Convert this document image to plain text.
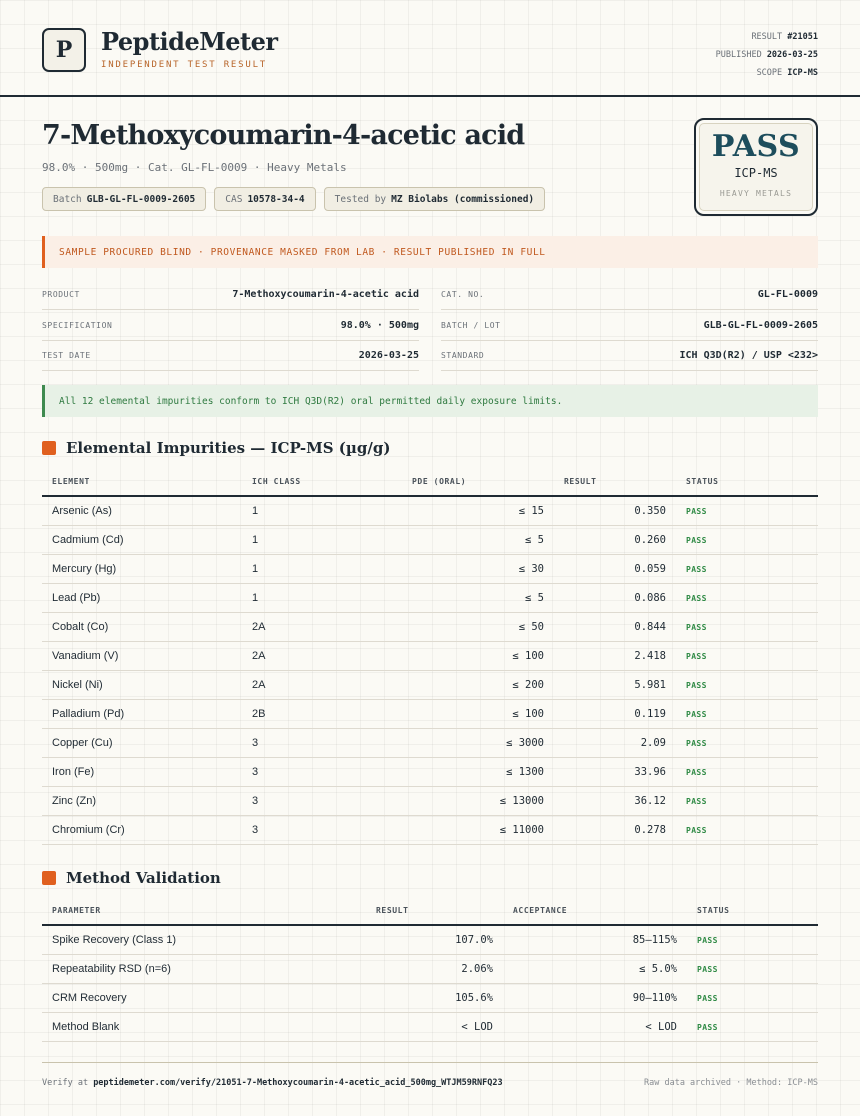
P	PeptideMeter
INDEPENDENT TEST RESULT
RESULT #21051
PUBLISHED 2026-03-25
SCOPE ICP-MS
7-Methoxycoumarin-4-acetic acid
98.0% · 500mg · Cat. GL-FL-0009 · Heavy Metals
Batch GLB-GL-FL-0009-2605	CAS 10578-34-4	Tested by MZ Biolabs (commissioned)
PASS
ICP-MS
HEAVY METALS
SAMPLE PROCURED BLIND · PROVENANCE MASKED FROM LAB · RESULT PUBLISHED IN FULL
PRODUCT	7-Methoxycoumarin-4-acetic acid	CAT. NO.	GL-FL-0009
SPECIFICATION	98.0% · 500mg	BATCH / LOT	GLB-GL-FL-0009-2605
TEST DATE	2026-03-25	STANDARD	ICH Q3D(R2) / USP <232>
All 12 elemental impurities conform to ICH Q3D(R2) oral permitted daily exposure limits.
Elemental Impurities — ICP-MS (µg/g)
ELEMENT	ICH CLASS	PDE (ORAL)	RESULT	STATUS
Arsenic (As)	1	≤ 15	0.350	PASS
Cadmium (Cd)	1	≤ 5	0.260	PASS
Mercury (Hg)	1	≤ 30	0.059	PASS
Lead (Pb)	1	≤ 5	0.086	PASS
Cobalt (Co)	2A	≤ 50	0.844	PASS
Vanadium (V)	2A	≤ 100	2.418	PASS
Nickel (Ni)	2A	≤ 200	5.981	PASS
Palladium (Pd)	2B	≤ 100	0.119	PASS
Copper (Cu)	3	≤ 3000	2.09	PASS
Iron (Fe)	3	≤ 1300	33.96	PASS
Zinc (Zn)	3	≤ 13000	36.12	PASS
Chromium (Cr)	3	≤ 11000	0.278	PASS
Method Validation
PARAMETER	RESULT	ACCEPTANCE	STATUS
Spike Recovery (Class 1)	107.0%	85–115%	PASS
Repeatability RSD (n=6)	2.06%	≤ 5.0%	PASS
CRM Recovery	105.6%	90–110%	PASS
Method Blank	< LOD	< LOD	PASS
Verify at peptidemeter.com/verify/21051-7-Methoxycoumarin-4-acetic_acid_500mg_WTJM59RNFQ23	Raw data archived · Method: ICP-MS
